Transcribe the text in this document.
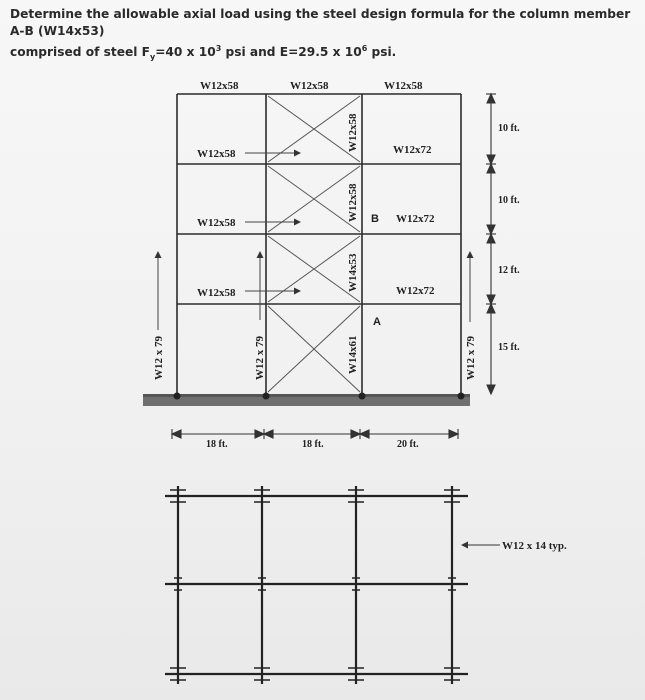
Determine the allowable axial load using the steel design formula for the column member A-B (W14x53)

comprised of steel $F_y=40$ x $10^3$ psi and E=29.5 x $10^6$ psi.
W12x58	W12x58	W12x58
W12x58
W12x58
W12x58
W12x72
W12x72
W12x72
B
A
W12x58
W12x58
W14x53
W14x61
W12 x 79	W12 x 79	W12 x 79
10 ft.
10 ft.
12 ft.
15 ft.
18 ft.	18 ft.	20 ft.
W12 x 14 typ.
